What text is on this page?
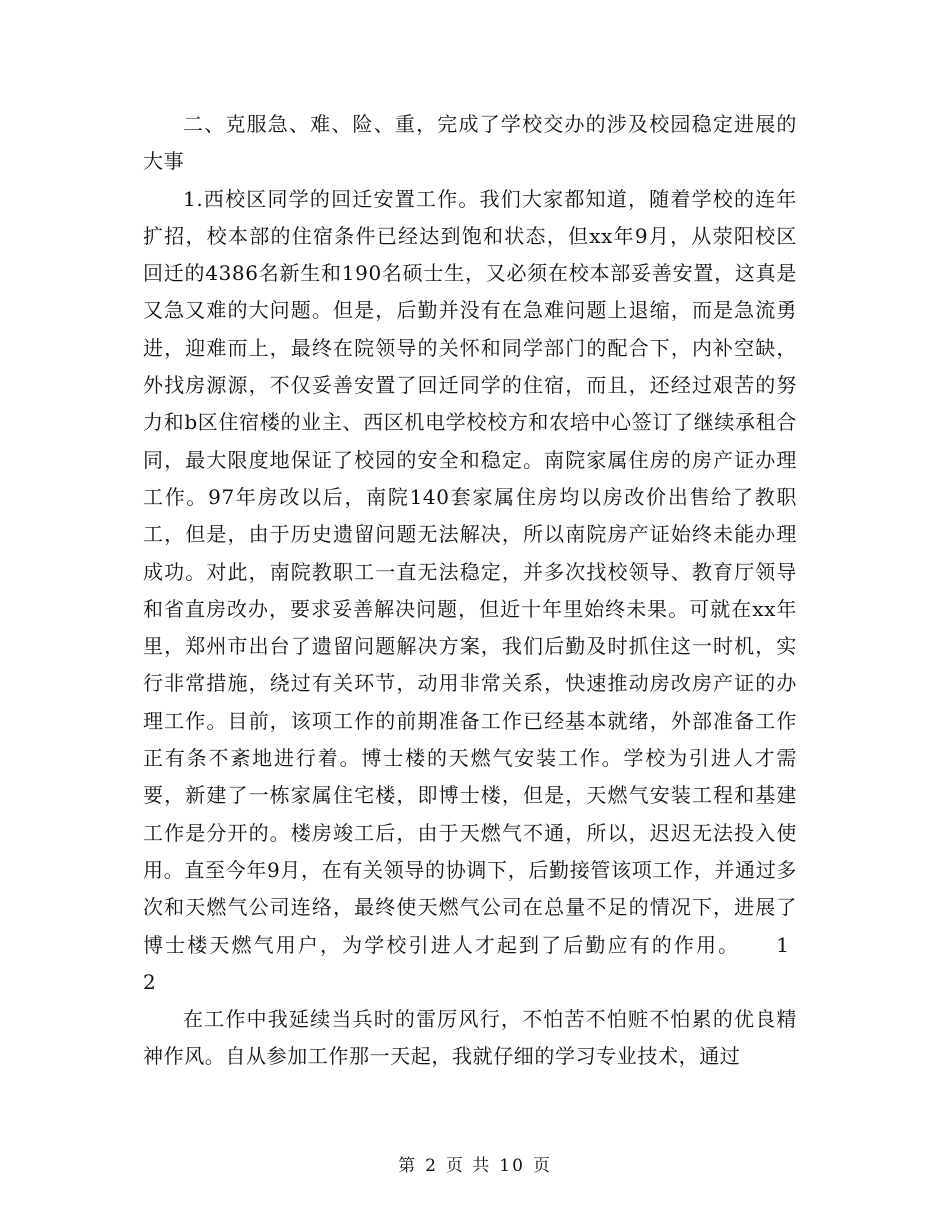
二、克服急、难、险、重，完成了学校交办的涉及校园稳定进展的大事

1.西校区同学的回迁安置工作。我们大家都知道，随着学校的连年扩招，校本部的住宿条件已经达到饱和状态，但xx年9月，从荥阳校区回迁的4386名新生和190名硕士生，又必须在校本部妥善安置，这真是又急又难的大问题。但是，后勤并没有在急难问题上退缩，而是急流勇进，迎难而上，最终在院领导的关怀和同学部门的配合下，内补空缺，外找房源源，不仅妥善安置了回迁同学的住宿，而且，还经过艰苦的努力和b区住宿楼的业主、西区机电学校校方和农培中心签订了继续承租合同，最大限度地保证了校园的安全和稳定。南院家属住房的房产证办理工作。97年房改以后，南院140套家属住房均以房改价出售给了教职工，但是，由于历史遗留问题无法解决，所以南院房产证始终未能办理成功。对此，南院教职工一直无法稳定，并多次找校领导、教育厅领导和省直房改办，要求妥善解决问题，但近十年里始终未果。可就在xx年里，郑州市出台了遗留问题解决方案，我们后勤及时抓住这一时机，实行非常措施，绕过有关环节，动用非常关系，快速推动房改房产证的办理工作。目前，该项工作的前期准备工作已经基本就绪，外部准备工作正有条不紊地进行着。博士楼的天燃气安装工作。学校为引进人才需要，新建了一栋家属住宅楼，即博士楼，但是，天燃气安装工程和基建工作是分开的。楼房竣工后，由于天燃气不通，所以，迟迟无法投入使用。直至今年9月，在有关领导的协调下，后勤接管该项工作，并通过多次和天燃气公司连络，最终使天燃气公司在总量不足的情况下，进展了博士楼天燃气用户，为学校引进人才起到了后勤应有的作用。 1　　2

在工作中我延续当兵时的雷厉风行，不怕苦不怕赃不怕累的优良精神作风。自从参加工作那一天起，我就仔细的学习专业技术，通过

第 2 页 共 10 页
